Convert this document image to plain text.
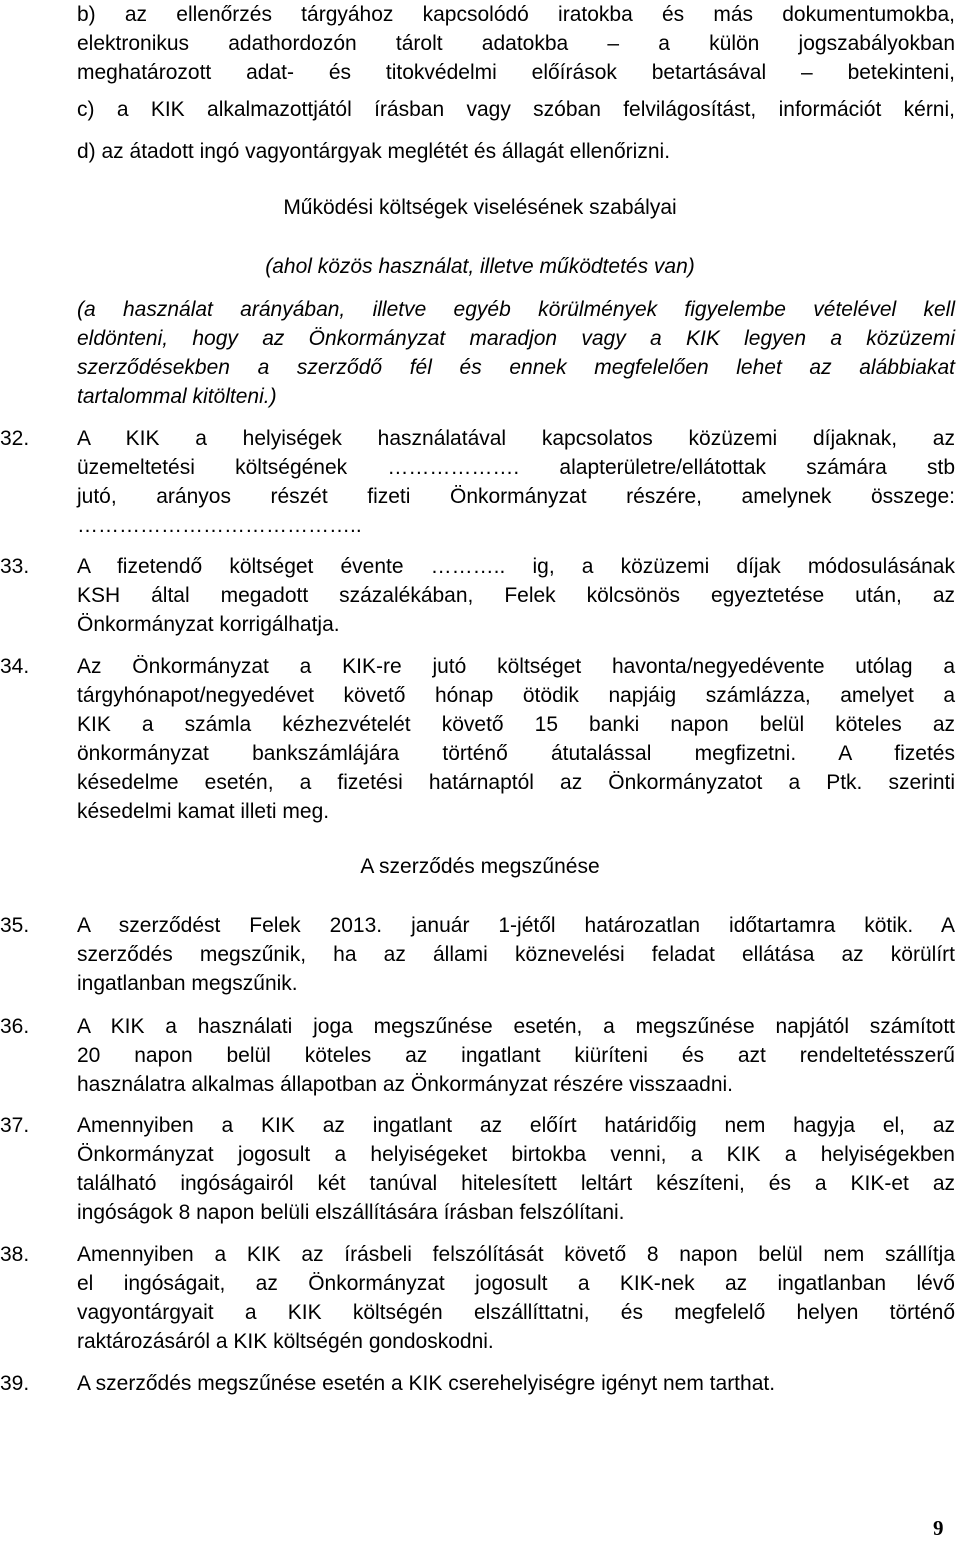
b) az ellenőrzés tárgyához kapcsolódó iratokba és más dokumentumokba,
elektronikus adathordozón tárolt adatokba – a külön jogszabályokban
meghatározott adat- és titokvédelmi előírások betartásával – betekinteni,
c) a KIK alkalmazottjától írásban vagy szóban felvilágosítást, információt kérni,
d) az átadott ingó vagyontárgyak meglétét és állagát ellenőrizni.
Működési költségek viselésének szabályai
(ahol közös használat, illetve működtetés van)
(a használat arányában, illetve egyéb körülmények figyelembe vételével kell
eldönteni, hogy az Önkormányzat maradjon vagy a KIK legyen a közüzemi
szerződésekben a szerződő fél és ennek megfelelően lehet az alábbiakat
tartalommal kitölteni.)
32.	A KIK a helyiségek használatával kapcsolatos közüzemi díjaknak, az
üzemeltetési költségének ………………. alapterületre/ellátottak számára stb
jutó, arányos részét fizeti Önkormányzat részére, amelynek összege:
…………………………………..
33.	A fizetendő költséget évente ……….. ig, a közüzemi díjak módosulásának
KSH által megadott százalékában, Felek kölcsönös egyeztetése után, az
Önkormányzat korrigálhatja.
34.	Az Önkormányzat a KIK-re jutó költséget havonta/negyedévente utólag a
tárgyhónapot/negyedévet követő hónap ötödik napjáig számlázza, amelyet a
KIK a számla kézhezvételét követő 15 banki napon belül köteles az
önkormányzat bankszámlájára történő átutalással megfizetni. A fizetés
késedelme esetén, a fizetési határnaptól az Önkormányzatot a Ptk. szerinti
késedelmi kamat illeti meg.
A szerződés megszűnése
35.	A szerződést Felek 2013. január 1-jétől határozatlan időtartamra kötik. A
szerződés megszűnik, ha az állami köznevelési feladat ellátása az körülírt
ingatlanban megszűnik.
36.	A KIK a használati joga megszűnése esetén, a megszűnése napjától számított
20 napon belül köteles az ingatlant kiüríteni és azt rendeltetésszerű
használatra alkalmas állapotban az Önkormányzat részére visszaadni.
37.	Amennyiben a KIK az ingatlant az előírt határidőig nem hagyja el, az
Önkormányzat jogosult a helyiségeket birtokba venni, a KIK a helyiségekben
található ingóságairól két tanúval hitelesített leltárt készíteni, és a KIK-et az
ingóságok 8 napon belüli elszállítására írásban felszólítani.
38.	Amennyiben a KIK az írásbeli felszólítását követő 8 napon belül nem szállítja
el ingóságait, az Önkormányzat jogosult a KIK-nek az ingatlanban lévő
vagyontárgyait a KIK költségén elszállíttatni, és megfelelő helyen történő
raktározásáról a KIK költségén gondoskodni.
39.	A szerződés megszűnése esetén a KIK cserehelyiségre igényt nem tarthat.
9
